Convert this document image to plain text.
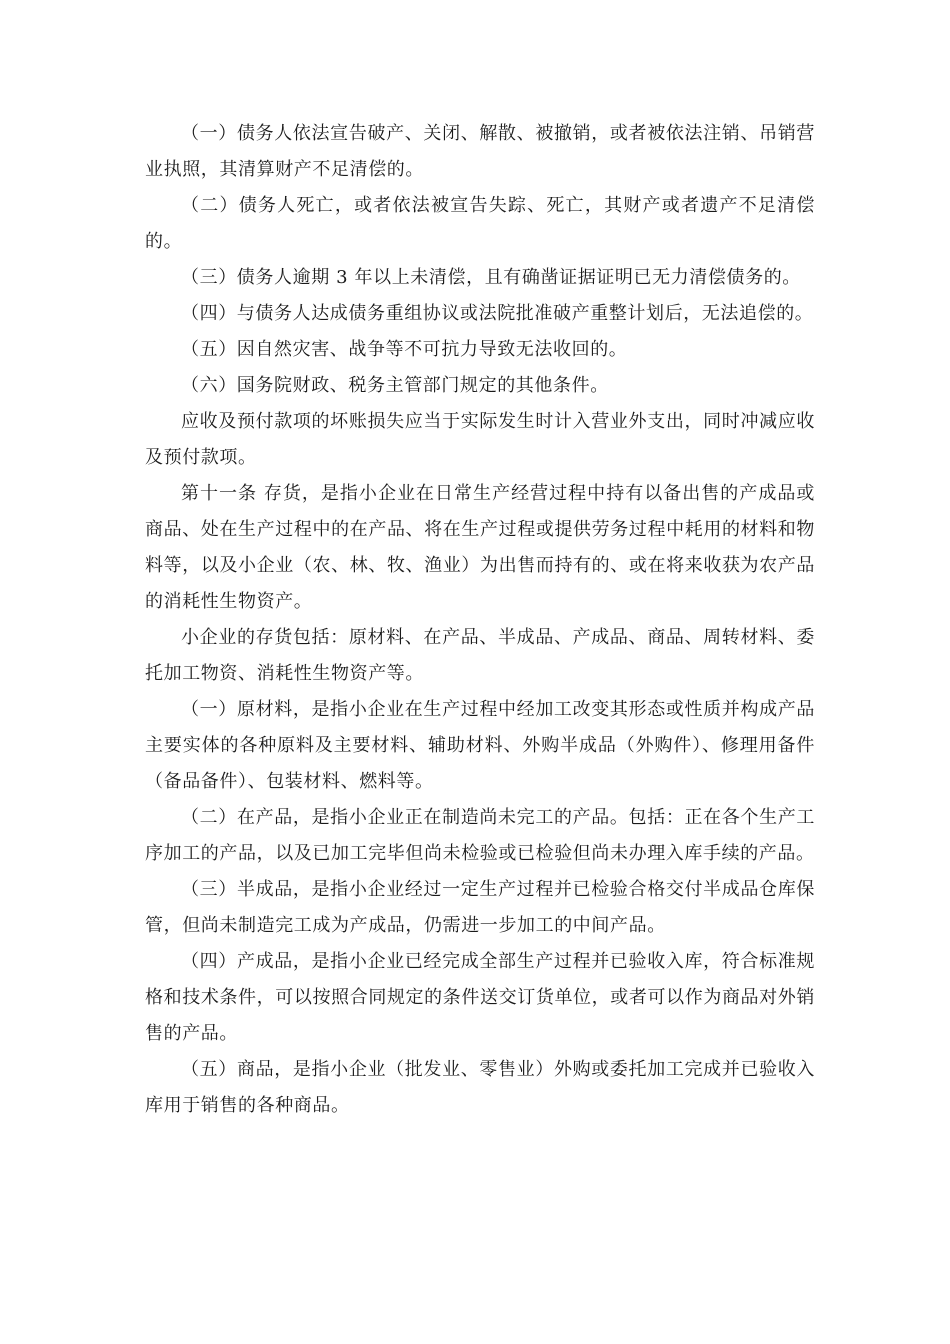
（一）债务人依法宣告破产、关闭、解散、被撤销，或者被依法注销、吊销营业执照，其清算财产不足清偿的。

（二）债务人死亡，或者依法被宣告失踪、死亡，其财产或者遗产不足清偿的。

（三）债务人逾期 3 年以上未清偿，且有确凿证据证明已无力清偿债务的。

（四）与债务人达成债务重组协议或法院批准破产重整计划后，无法追偿的。

（五）因自然灾害、战争等不可抗力导致无法收回的。

（六）国务院财政、税务主管部门规定的其他条件。

应收及预付款项的坏账损失应当于实际发生时计入营业外支出，同时冲减应收及预付款项。

第十一条 存货，是指小企业在日常生产经营过程中持有以备出售的产成品或商品、处在生产过程中的在产品、将在生产过程或提供劳务过程中耗用的材料和物料等，以及小企业（农、林、牧、渔业）为出售而持有的、或在将来收获为农产品的消耗性生物资产。

小企业的存货包括：原材料、在产品、半成品、产成品、商品、周转材料、委托加工物资、消耗性生物资产等。

（一）原材料，是指小企业在生产过程中经加工改变其形态或性质并构成产品主要实体的各种原料及主要材料、辅助材料、外购半成品（外购件）、修理用备件（备品备件）、包装材料、燃料等。

（二）在产品，是指小企业正在制造尚未完工的产品。包括：正在各个生产工序加工的产品，以及已加工完毕但尚未检验或已检验但尚未办理入库手续的产品。

（三）半成品，是指小企业经过一定生产过程并已检验合格交付半成品仓库保管，但尚未制造完工成为产成品，仍需进一步加工的中间产品。

（四）产成品，是指小企业已经完成全部生产过程并已验收入库，符合标准规格和技术条件，可以按照合同规定的条件送交订货单位，或者可以作为商品对外销售的产品。

（五）商品，是指小企业（批发业、零售业）外购或委托加工完成并已验收入库用于销售的各种商品。
